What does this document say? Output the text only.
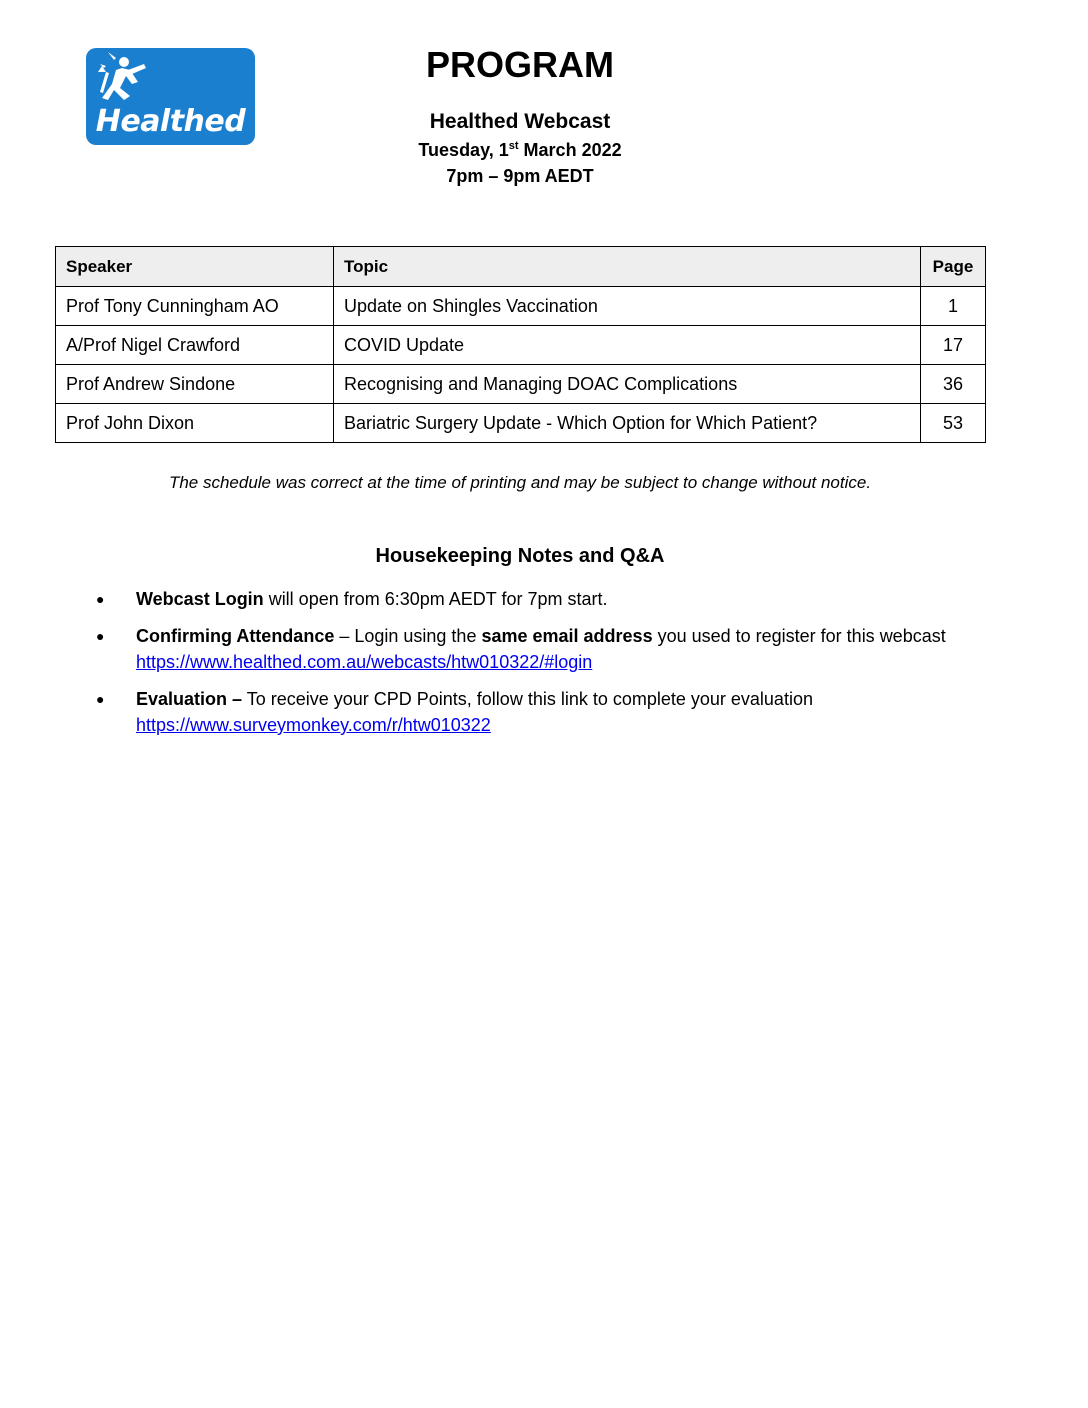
Healthed
PROGRAM
Healthed Webcast
Tuesday, 1st March 2022
7pm – 9pm AEDT
Speaker	Topic	Page
Prof Tony Cunningham AO	Update on Shingles Vaccination	1
A/Prof Nigel Crawford	COVID Update	17
Prof Andrew Sindone	Recognising and Managing DOAC Complications	36
Prof John Dixon	Bariatric Surgery Update - Which Option for Which Patient?	53
The schedule was correct at the time of printing and may be subject to change without notice.
Housekeeping Notes and Q&A
● Webcast Login will open from 6:30pm AEDT for 7pm start.
● Confirming Attendance – Login using the same email address you used to register for this webcast https://www.healthed.com.au/webcasts/htw010322/#login
● Evaluation – To receive your CPD Points, follow this link to complete your evaluation https://www.surveymonkey.com/r/htw010322
